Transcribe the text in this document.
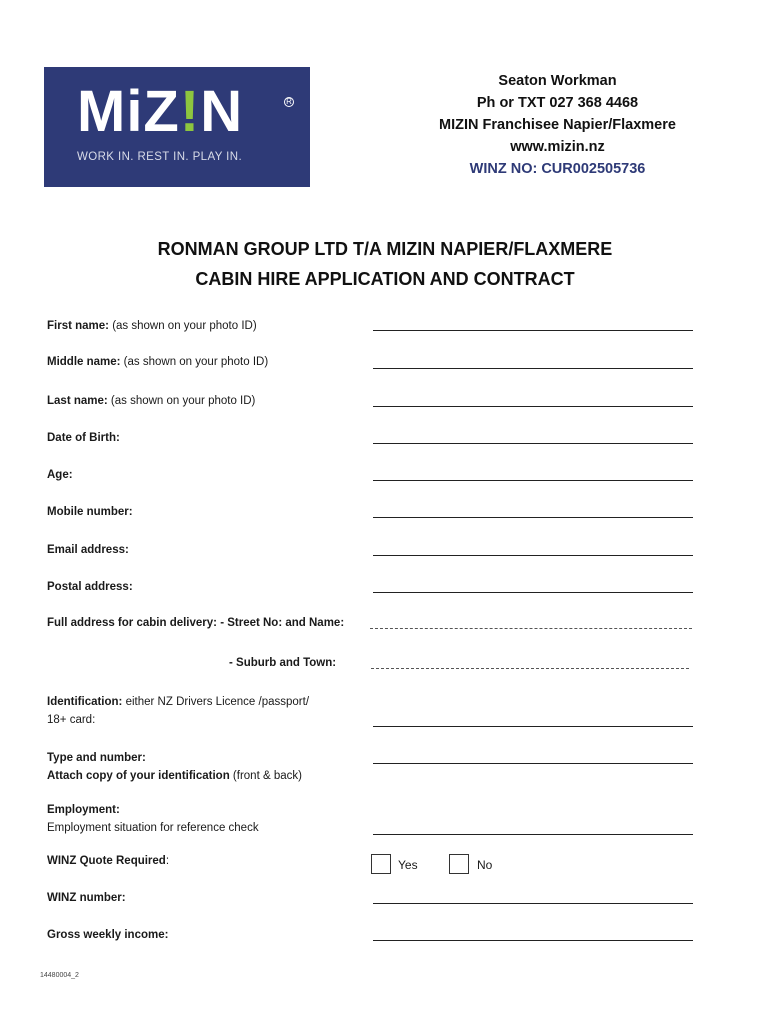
MiZ!N	R
WORK IN. REST IN. PLAY IN.
Seaton Workman
Ph or TXT 027 368 4468
MIZIN Franchisee Napier/Flaxmere
www.mizin.nz
WINZ NO: CUR002505736
RONMAN GROUP LTD T/A MIZIN NAPIER/FLAXMERE
CABIN HIRE APPLICATION AND CONTRACT
First name: (as shown on your photo ID)
Middle name: (as shown on your photo ID)
Last name: (as shown on your photo ID)
Date of Birth:
Age:
Mobile number:
Email address:
Postal address:
Full address for cabin delivery: - Street No: and Name:
- Suburb and Town:
Identification: either NZ Drivers Licence /passport/
18+ card:
Type and number:
Attach copy of your identification (front & back)
Employment:
Employment situation for reference check
WINZ Quote Required:	Yes	No
WINZ number:
Gross weekly income:
14480004_2
